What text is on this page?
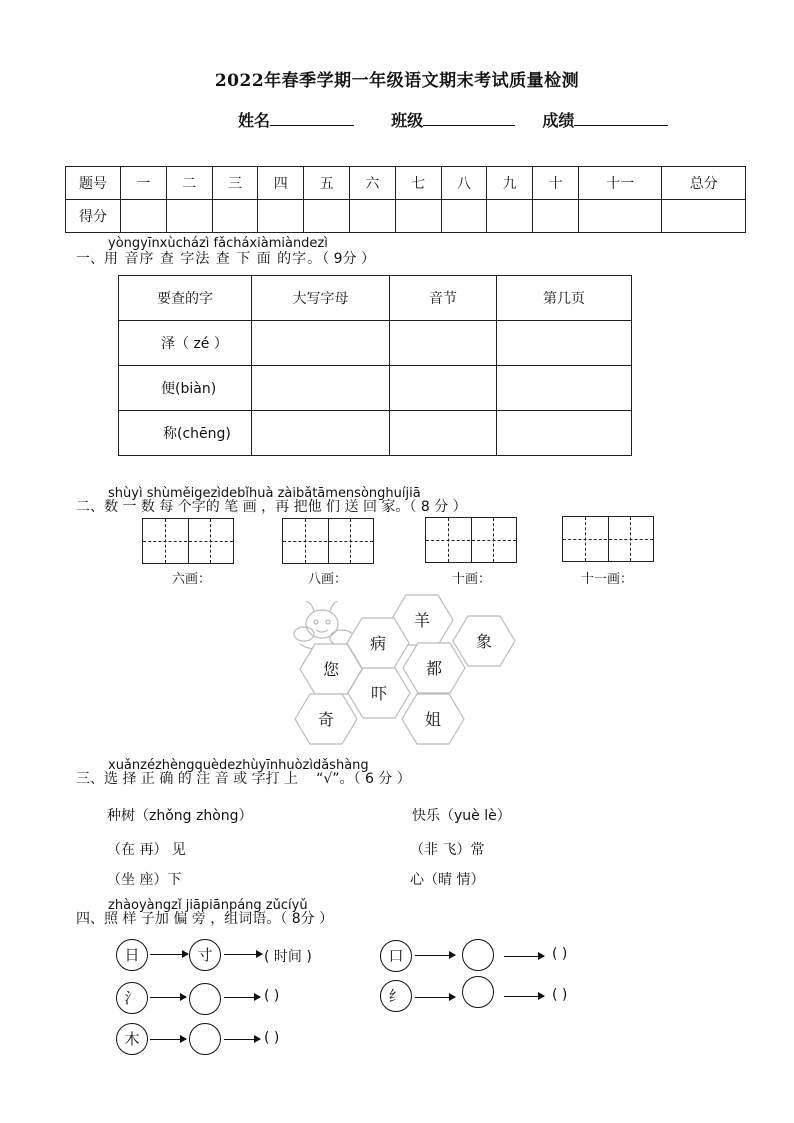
2022年春季学期一年级语文期末考试质量检测
姓名	班级	成绩
题号	一	二	三	四	五	六	七	八	九	十	十一	总分
得分												
yòngyīnxùcházì fǎcháxiàmiàndezì
一、用 音序 查 字法 查 下 面 的字。（ 9分 ）
要查的字	大写字母	音节	第几页
泽（ zé ）			
便(biàn)			
称(chēng)			
shùyì shùměigezìdebǐhuà zàibǎtāmensònghuíjiā
二、数 一 数 每 个字的 笔 画 ，再 把他 们 送 回 家。（ 8 分 ）
六画：	八画：	十画：	十一画：
羊
病	象
您	都
吓
奇	姐
xuǎnzézhèngquèdezhùyīnhuòzìdǎshàng
三、选 择 正 确 的 注 音 或 字打 上 “√”。（ 6 分 ）
种树（zhǒng zhòng）	快乐（yuè lè）
（在 再） 见	（非 飞）常
（坐 座）下	心（晴 情）
zhàoyàngzǐ jiāpiānpáng zǔcíyǔ
四、照 样 子加 偏 旁 ，组词语。（ 8分 ）
日	寸	( 时间 )	口	( )
氵	( )	纟	( )
木	( )
